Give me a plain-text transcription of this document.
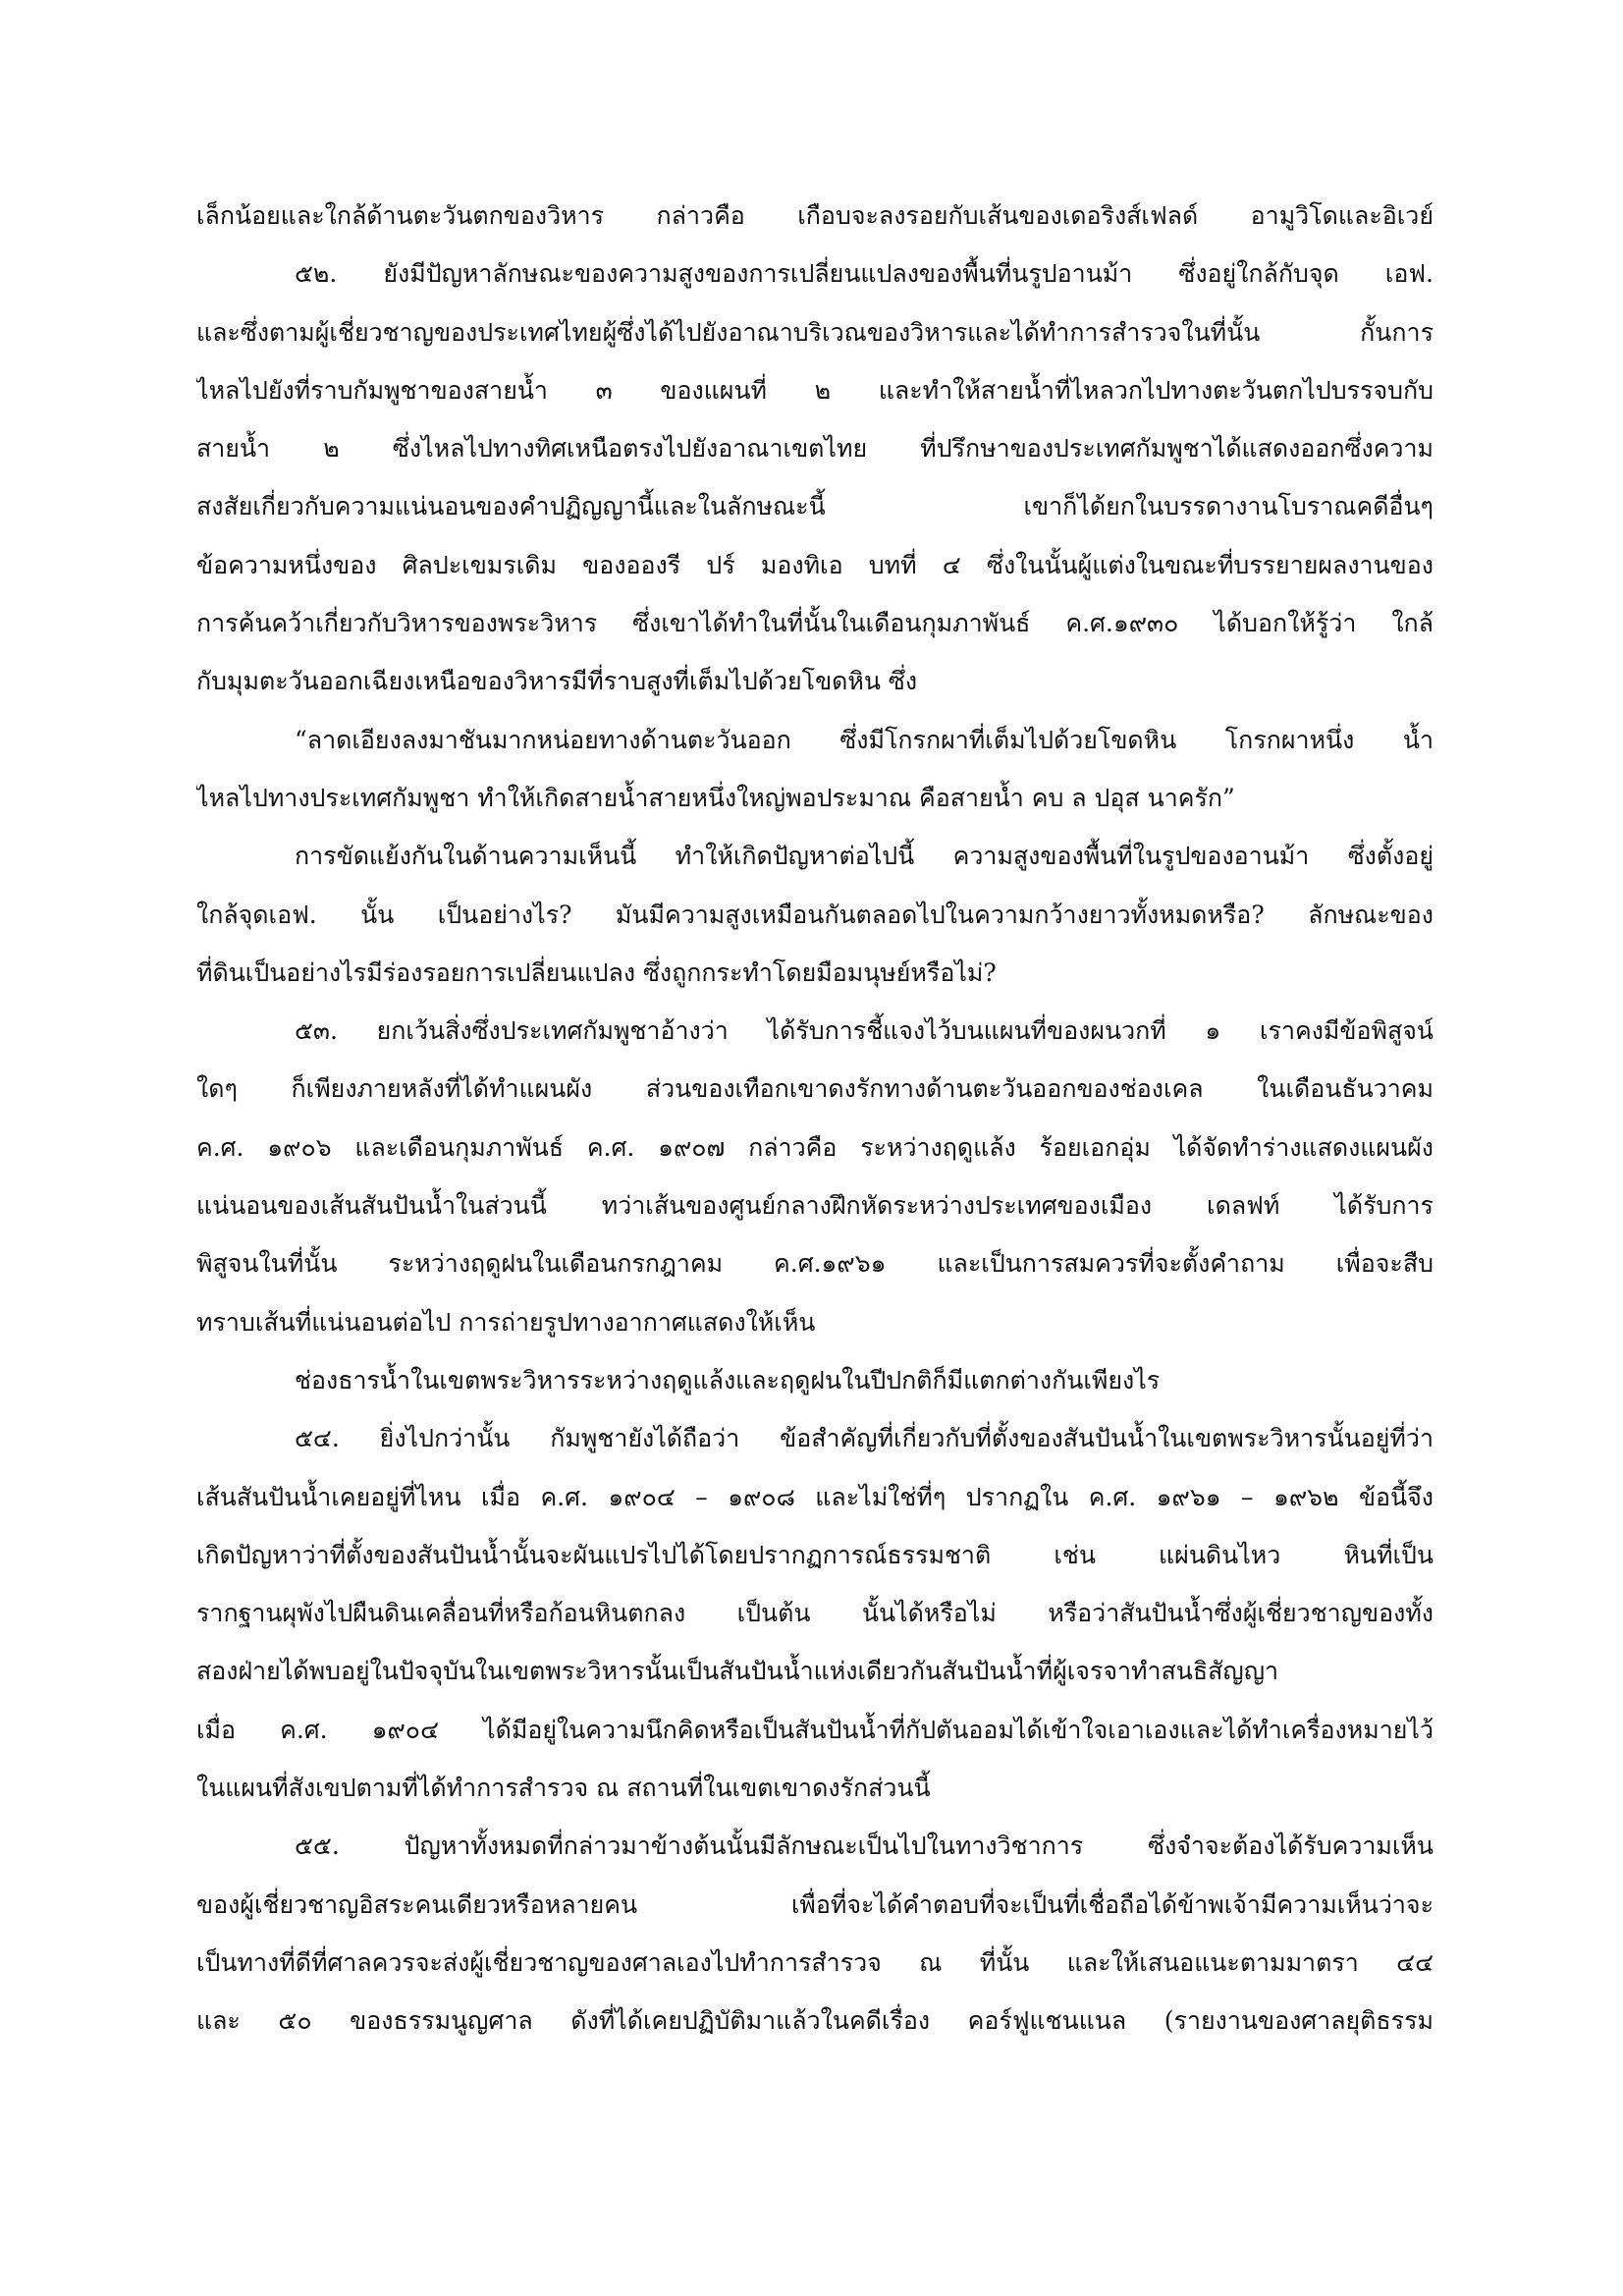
เล็กน้อยและใกล้ด้านตะวันตกของวิหาร กล่าวคือ เกือบจะลงรอยกับเส้นของเดอริงส์เฟลด์ อามูวิโดและอิเวย์
๕๒. ยังมีปัญหาลักษณะของความสูงของการเปลี่ยนแปลงของพื้นที่นรูปอานม้า ซึ่งอยู่ใกล้กับจุด เอฟ.
และซึ่งตามผู้เชี่ยวชาญของประเทศไทยผู้ซึ่งได้ไปยังอาณาบริเวณของวิหารและได้ทำการสำรวจในที่นั้น กั้นการ
ไหลไปยังที่ราบกัมพูชาของสายน้ำ ๓ ของแผนที่ ๒ และทำให้สายน้ำที่ไหลวกไปทางตะวันตกไปบรรจบกับ
สายน้ำ ๒ ซึ่งไหลไปทางทิศเหนือตรงไปยังอาณาเขตไทย ที่ปรึกษาของประเทศกัมพูชาได้แสดงออกซึ่งความ
สงสัยเกี่ยวกับความแน่นอนของคำปฏิญญานี้และในลักษณะนี้ เขาก็ได้ยกในบรรดางานโบราณคดีอื่นๆ
ข้อความหนึ่งของ ศิลปะเขมรเดิม ของอองรี ปร์ มองทิเอ บทที่ ๔ ซึ่งในนั้นผู้แต่งในขณะที่บรรยายผลงานของ
การค้นคว้าเกี่ยวกับวิหารของพระวิหาร ซึ่งเขาได้ทำในที่นั้นในเดือนกุมภาพันธ์ ค.ศ.๑๙๓๐ ได้บอกให้รู้ว่า ใกล้
กับมุมตะวันออกเฉียงเหนือของวิหารมีที่ราบสูงที่เต็มไปด้วยโขดหิน ซึ่ง
“ลาดเอียงลงมาชันมากหน่อยทางด้านตะวันออก ซึ่งมีโกรกผาที่เต็มไปด้วยโขดหิน โกรกผาหนึ่ง น้ำ
ไหลไปทางประเทศกัมพูชา ทำให้เกิดสายน้ำสายหนึ่งใหญ่พอประมาณ คือสายน้ำ คบ ล ปอุส นาครัก”
การขัดแย้งกันในด้านความเห็นนี้ ทำให้เกิดปัญหาต่อไปนี้ ความสูงของพื้นที่ในรูปของอานม้า ซึ่งตั้งอยู่
ใกล้จุดเอฟ. นั้น เป็นอย่างไร? มันมีความสูงเหมือนกันตลอดไปในความกว้างยาวทั้งหมดหรือ? ลักษณะของ
ที่ดินเป็นอย่างไรมีร่องรอยการเปลี่ยนแปลง ซึ่งถูกกระทำโดยมือมนุษย์หรือไม่?
๕๓. ยกเว้นสิ่งซึ่งประเทศกัมพูชาอ้างว่า ได้รับการชี้แจงไว้บนแผนที่ของผนวกที่ ๑ เราคงมีข้อพิสูจน์
ใดๆ ก็เพียงภายหลังที่ได้ทำแผนผัง ส่วนของเทือกเขาดงรักทางด้านตะวันออกของช่องเคล ในเดือนธันวาคม
ค.ศ. ๑๙๐๖ และเดือนกุมภาพันธ์ ค.ศ. ๑๙๐๗ กล่าวคือ ระหว่างฤดูแล้ง ร้อยเอกอุ่ม ได้จัดทำร่างแสดงแผนผัง
แน่นอนของเส้นสันปันน้ำในส่วนนี้ ทว่าเส้นของศูนย์กลางฝึกหัดระหว่างประเทศของเมือง เดลฟท์ ได้รับการ
พิสูจนในที่นั้น ระหว่างฤดูฝนในเดือนกรกฎาคม ค.ศ.๑๙๖๑ และเป็นการสมควรที่จะตั้งคำถาม เพื่อจะสืบ
ทราบเส้นที่แน่นอนต่อไป การถ่ายรูปทางอากาศแสดงให้เห็น
ช่องธารน้ำในเขตพระวิหารระหว่างฤดูแล้งและฤดูฝนในปีปกติก็มีแตกต่างกันเพียงไร
๕๔. ยิ่งไปกว่านั้น กัมพูชายังได้ถือว่า ข้อสำคัญที่เกี่ยวกับที่ตั้งของสันปันน้ำในเขตพระวิหารนั้นอยู่ที่ว่า
เส้นสันปันน้ำเคยอยู่ที่ไหน เมื่อ ค.ศ. ๑๙๐๔ – ๑๙๐๘ และไม่ใช่ที่ๆ ปรากฏใน ค.ศ. ๑๙๖๑ – ๑๙๖๒ ข้อนี้จึง
เกิดปัญหาว่าที่ตั้งของสันปันน้ำนั้นจะผันแปรไปได้โดยปรากฏการณ์ธรรมชาติ เช่น แผ่นดินไหว หินที่เป็น
รากฐานผุพังไปผืนดินเคลื่อนที่หรือก้อนหินตกลง เป็นต้น นั้นได้หรือไม่ หรือว่าสันปันน้ำซึ่งผู้เชี่ยวชาญของทั้ง
สองฝ่ายได้พบอยู่ในปัจจุบันในเขตพระวิหารนั้นเป็นสันปันน้ำแห่งเดียวกันสันปันน้ำที่ผู้เจรจาทำสนธิสัญญา
เมื่อ ค.ศ. ๑๙๐๔ ได้มีอยู่ในความนึกคิดหรือเป็นสันปันน้ำที่กัปตันออมได้เข้าใจเอาเองและได้ทำเครื่องหมายไว้
ในแผนที่สังเขปตามที่ได้ทำการสำรวจ ณ สถานที่ในเขตเขาดงรักส่วนนี้
๕๕. ปัญหาทั้งหมดที่กล่าวมาข้างต้นนั้นมีลักษณะเป็นไปในทางวิชาการ ซึ่งจำจะต้องได้รับความเห็น
ของผู้เชี่ยวชาญอิสระคนเดียวหรือหลายคน เพื่อที่จะได้คำตอบที่จะเป็นที่เชื่อถือได้ข้าพเจ้ามีความเห็นว่าจะ
เป็นทางที่ดีที่ศาลควรจะส่งผู้เชี่ยวชาญของศาลเองไปทำการสำรวจ ณ ที่นั้น และให้เสนอแนะตามมาตรา ๔๔
และ ๕๐ ของธรรมนูญศาล ดังที่ได้เคยปฏิบัติมาแล้วในคดีเรื่อง คอร์ฟูแชนแนล (รายงานของศาลยุติธรรม
